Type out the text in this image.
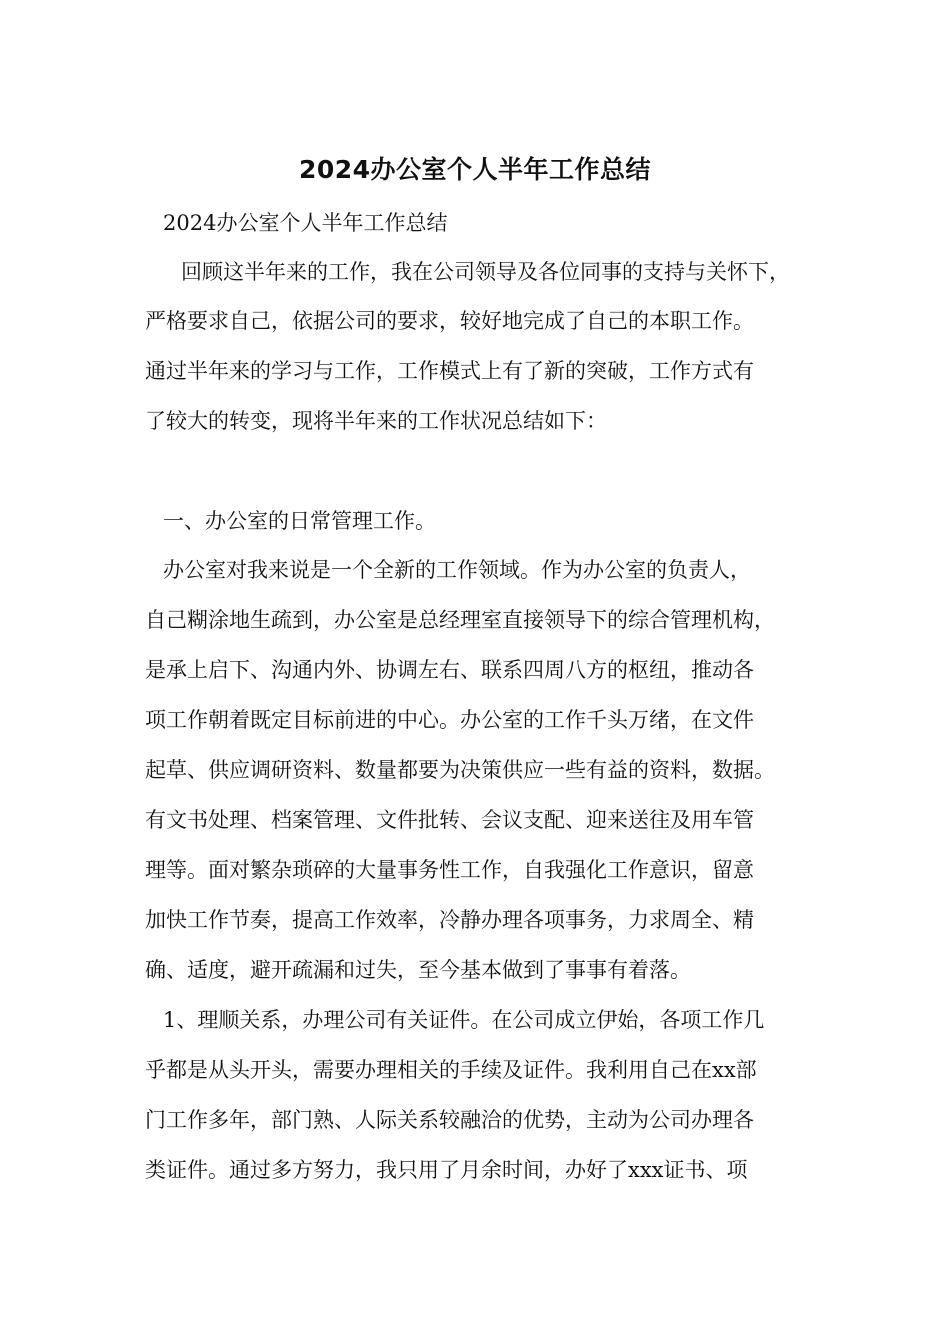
2024办公室个人半年工作总结

2024办公室个人半年工作总结

回顾这半年来的工作，我在公司领导及各位同事的支持与关怀下，

严格要求自己，依据公司的要求，较好地完成了自己的本职工作。

通过半年来的学习与工作，工作模式上有了新的突破，工作方式有

了较大的转变，现将半年来的工作状况总结如下：

一、办公室的日常管理工作。

办公室对我来说是一个全新的工作领域。作为办公室的负责人，

自己糊涂地生疏到，办公室是总经理室直接领导下的综合管理机构，

是承上启下、沟通内外、协调左右、联系四周八方的枢纽，推动各

项工作朝着既定目标前进的中心。办公室的工作千头万绪，在文件

起草、供应调研资料、数量都要为决策供应一些有益的资料，数据。

有文书处理、档案管理、文件批转、会议支配、迎来送往及用车管

理等。面对繁杂琐碎的大量事务性工作，自我强化工作意识，留意

加快工作节奏，提高工作效率，冷静办理各项事务，力求周全、精

确、适度，避开疏漏和过失，至今基本做到了事事有着落。

1、理顺关系，办理公司有关证件。在公司成立伊始，各项工作几

乎都是从头开头，需要办理相关的手续及证件。我利用自己在xx部

门工作多年，部门熟、人际关系较融洽的优势，主动为公司办理各

类证件。通过多方努力，我只用了月余时间，办好了xxx证书、项
